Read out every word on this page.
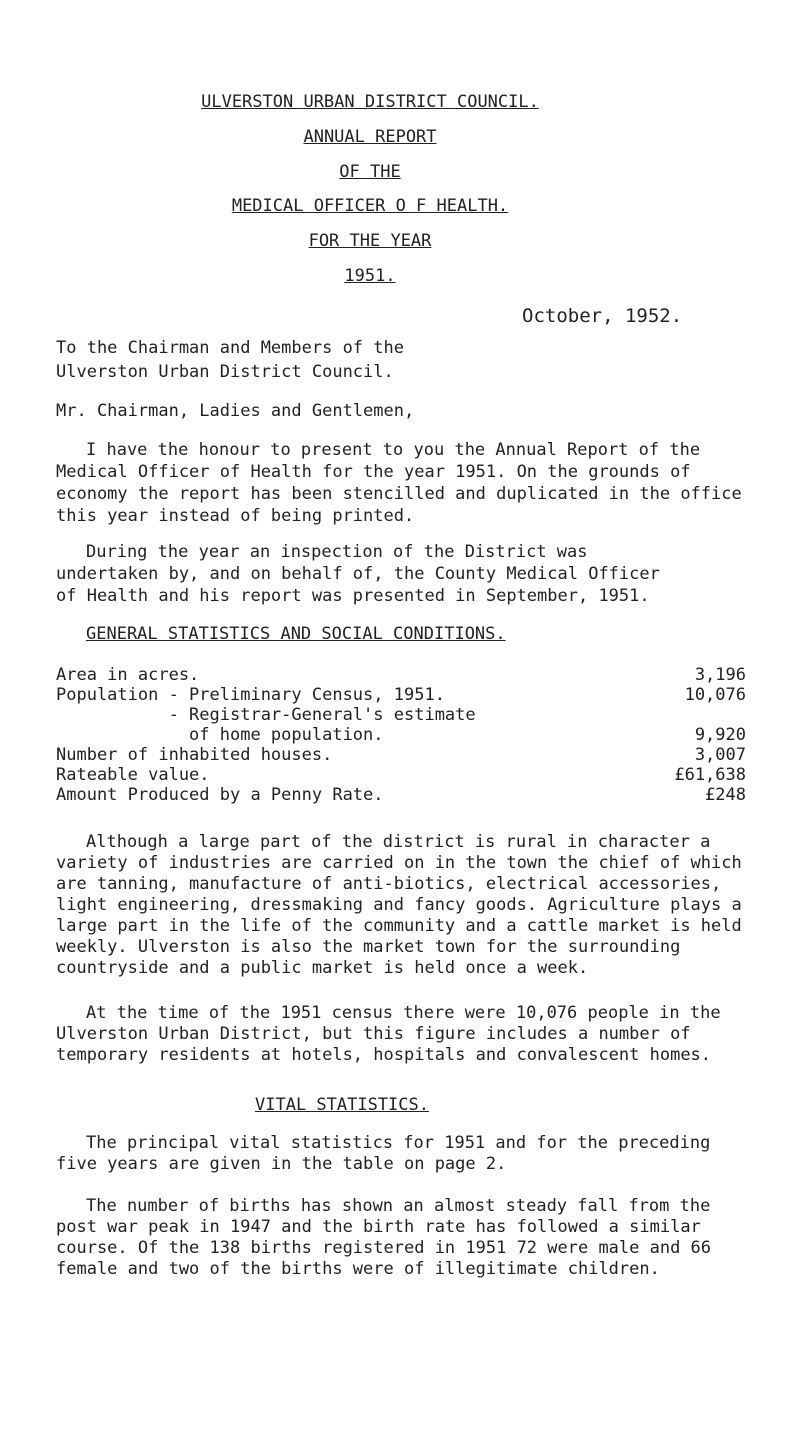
ULVERSTON URBAN DISTRICT COUNCIL.
ANNUAL REPORT
OF THE
MEDICAL OFFICER O F HEALTH.
FOR THE YEAR
1951.
October, 1952.
To the Chairman and Members of the
Ulverston Urban District Council.
Mr. Chairman, Ladies and Gentlemen,

I have the honour to present to you the Annual Report of the Medical Officer of Health for the year 1951. On the grounds of economy the report has been stencilled and duplicated in the office this year instead of being printed.

During the year an inspection of the District was undertaken by, and on behalf of, the County Medical Officer of Health and his report was presented in September, 1951.

GENERAL STATISTICS AND SOCIAL CONDITIONS.
Area in acres.	3,196
Population - Preliminary Census, 1951.	10,076
- Registrar-General's estimate
of home population.	9,920
Number of inhabited houses.	3,007
Rateable value.	£61,638
Amount Produced by a Penny Rate.	£248

Although a large part of the district is rural in character a variety of industries are carried on in the town the chief of which are tanning, manufacture of anti-biotics, electrical accessories, light engineering, dressmaking and fancy goods. Agriculture plays a large part in the life of the community and a cattle market is held weekly. Ulverston is also the market town for the surrounding countryside and a public market is held once a week.

At the time of the 1951 census there were 10,076 people in the Ulverston Urban District, but this figure includes a number of temporary residents at hotels, hospitals and convalescent homes.

VITAL STATISTICS.

The principal vital statistics for 1951 and for the preceding five years are given in the table on page 2.

The number of births has shown an almost steady fall from the post war peak in 1947 and the birth rate has followed a similar course. Of the 138 births registered in 1951 72 were male and 66 female and two of the births were of illegitimate children.
